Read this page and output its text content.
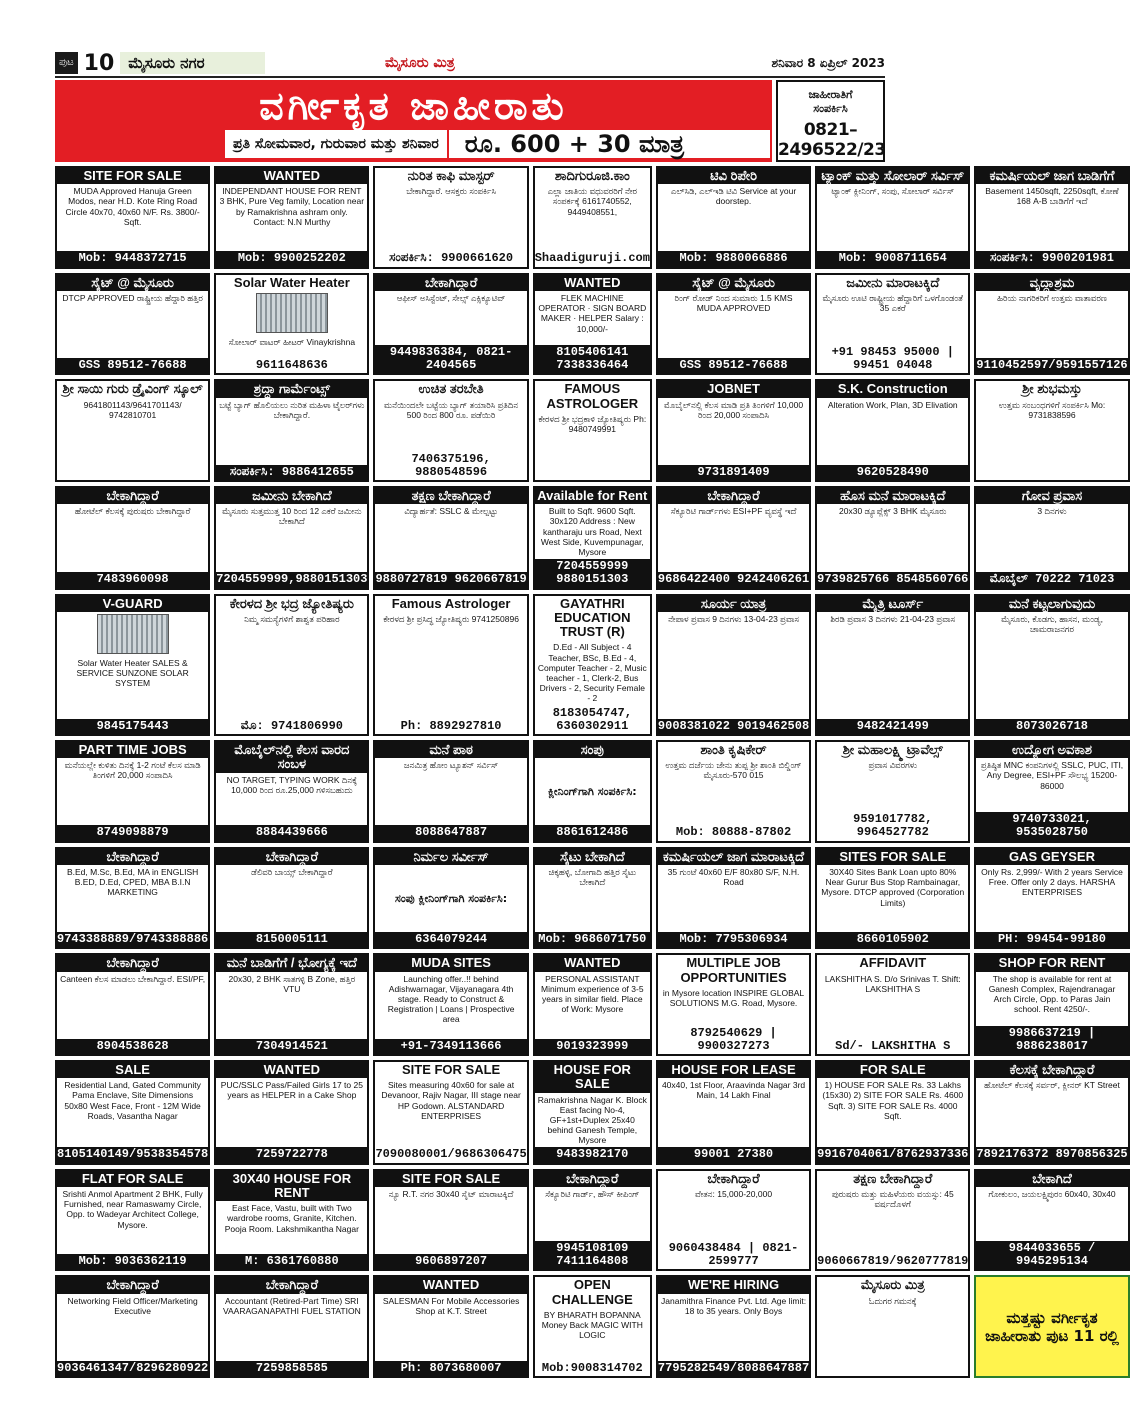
ಪುಟ 10 ಮೈಸೂರು ನಗರ	ಮೈಸೂರು ಮಿತ್ರ	ಶನಿವಾರ 8 ಏಪ್ರಿಲ್ 2023
ವರ್ಗೀಕೃತ ಜಾಹೀರಾತು
ಪ್ರತಿ ಸೋಮವಾರ, ಗುರುವಾರ ಮತ್ತು ಶನಿವಾರ	ರೂ. 600 + 30 ಮಾತ್ರ
ಜಾಹೀರಾತಿಗೆ
ಸಂಪರ್ಕಿಸಿ
0821–2496522/23
SITE FOR SALE
MUDA Approved Hanuja Green Modos, near H.D. Kote Ring Road Circle 40x70, 40x60 N/F. Rs. 3800/- Sqft.
Mob: 9448372715
WANTED
INDEPENDANT HOUSE FOR RENT 3 BHK, Pure Veg family, Location near by Ramakrishna ashram only. Contact: N.N Murthy
Mob: 9900252202
ನುರಿತ ಕಾಫಿ ಮಾಸ್ಟರ್
ಬೇಕಾಗಿದ್ದಾರೆ. ಆಸಕ್ತರು ಸಂಪರ್ಕಿಸಿ
ಸಂಪರ್ಕಿಸಿ: 9900661620
ಶಾದಿಗುರೂಜಿ.ಕಾಂ
ಎಲ್ಲಾ ಜಾತಿಯ ವಧುವರರಿಗೆ ನೇರ ಸಂಪರ್ಕಕ್ಕೆ 6161740552, 9449408551,
Shaadiguruji.com
ಟಿವಿ ರಿಪೇರಿ
ಎಲ್‌ಸಿಡಿ, ಎಲ್‌ಇಡಿ ಟಿವಿ Service at your doorstep.
Mob: 9880066886
ಟ್ಯಾಂಕ್ ಮತ್ತು ಸೋಲಾರ್ ಸರ್ವಿಸ್
ಟ್ಯಾಂಕ್ ಕ್ಲೀನಿಂಗ್, ಸಂಪು, ಸೋಲಾರ್ ಸರ್ವಿಸ್
Mob: 9008711654
ಕಮರ್ಷಿಯಲ್ ಜಾಗ ಬಾಡಿಗೆಗೆ
Basement 1450sqft, 2250sqft, ಕೋಣೆ 168 A-B ಬಾಡಿಗೆಗೆ ಇದೆ
ಸಂಪರ್ಕಿಸಿ: 9900201981
ಸೈಟ್ @ ಮೈಸೂರು
DTCP APPROVED ರಾಷ್ಟ್ರೀಯ ಹೆದ್ದಾರಿ ಹತ್ತಿರ
GSS 89512-76688
Solar Water Heater
ಸೋಲಾರ್ ವಾಟರ್ ಹೀಟರ್ Vinaykrishna
9611648636
ಬೇಕಾಗಿದ್ದಾರೆ
ಆಫೀಸ್ ಅಸಿಸ್ಟೆಂಟ್, ಸೇಲ್ಸ್ ಎಕ್ಸಿಕ್ಯೂಟಿವ್
9449836384, 0821-2404565
WANTED
FLEK MACHINE OPERATOR · SIGN BOARD MAKER · HELPER Salary : 10,000/-
8105406141 7338336464
ಸೈಟ್ @ ಮೈಸೂರು
ರಿಂಗ್ ರೋಡ್ ನಿಂದ ಸುಮಾರು 1.5 KMS MUDA APPROVED
GSS 89512-76688
ಜಮೀನು ಮಾರಾಟಕ್ಕಿದೆ
ಮೈಸೂರು ಊಟಿ ರಾಷ್ಟ್ರೀಯ ಹೆದ್ದಾರಿಗೆ ಒಳಗೊಂಡಂತೆ 35 ಎಕರೆ
+91 98453 95000 | 99451 04048
ವೃದ್ಧಾಶ್ರಮ
ಹಿರಿಯ ನಾಗರಿಕರಿಗೆ ಉತ್ತಮ ವಾತಾವರಣ
9110452597/9591557126
ಶ್ರೀ ಸಾಯಿ ಗುರು ಡ್ರೈವಿಂಗ್ ಸ್ಕೂಲ್
9641801143/9641701143/ 9742810701
ಶ್ರದ್ಧಾ ಗಾರ್ಮೆಂಟ್ಸ್
ಬಟ್ಟೆ ಬ್ಯಾಗ್ ಹೊಲಿಯಲು ನುರಿತ ಮಹಿಳಾ ಟೈಲರ್‌ಗಳು ಬೇಕಾಗಿದ್ದಾರೆ.
ಸಂಪರ್ಕಿಸಿ: 9886412655
ಉಚಿತ ತರಬೇತಿ
ಮನೆಯಿಂದಲೇ ಬಟ್ಟೆಯ ಬ್ಯಾಗ್ ತಯಾರಿಸಿ ಪ್ರತಿದಿನ 500 ರಿಂದ 800 ರೂ. ಪಡೆಯಿರಿ
7406375196, 9880548596
FAMOUS ASTROLOGER
ಕೇರಳದ ಶ್ರೀ ಭದ್ರಕಾಳಿ ಜ್ಯೋತಿಷ್ಯರು Ph: 9480749991
JOBNET
ಮೊಬೈಲ್‌ನಲ್ಲಿ ಕೆಲಸ ಮಾಡಿ ಪ್ರತಿ ತಿಂಗಳಿಗೆ 10,000 ರಿಂದ 20,000 ಸಂಪಾದಿಸಿ
9731891409
S.K. Construction
Alteration Work, Plan, 3D Elivation
9620528490
ಶ್ರೀ ಶುಭಮಸ್ತು
ಉತ್ತಮ ಸಂಬಂಧಗಳಿಗೆ ಸಂಪರ್ಕಿಸಿ Mo: 9731838596
ಬೇಕಾಗಿದ್ದಾರೆ
ಹೋಟೆಲ್ ಕೆಲಸಕ್ಕೆ ಪುರುಷರು ಬೇಕಾಗಿದ್ದಾರೆ
7483960098
ಜಮೀನು ಬೇಕಾಗಿದೆ
ಮೈಸೂರು ಸುತ್ತಮುತ್ತ 10 ರಿಂದ 12 ಎಕರೆ ಜಮೀನು ಬೇಕಾಗಿದೆ
7204559999,9880151303
ತಕ್ಷಣ ಬೇಕಾಗಿದ್ದಾರೆ
ವಿದ್ಯಾರ್ಹತೆ: SSLC & ಮೇಲ್ಪಟ್ಟು
9880727819 9620667819
Available for Rent
Built to Sqft. 9600 Sqft. 30x120 Address : New kantharaju urs Road, Next West Side, Kuvempunagar, Mysore
7204559999 9880151303
ಬೇಕಾಗಿದ್ದಾರೆ
ಸೆಕ್ಯೂರಿಟಿ ಗಾರ್ಡ್‌ಗಳು ESI+PF ವ್ಯವಸ್ಥೆ ಇದೆ
9686422400 9242406261
ಹೊಸ ಮನೆ ಮಾರಾಟಕ್ಕಿದೆ
20x30 ಡ್ಯೂಪ್ಲೆಕ್ಸ್ 3 BHK ಮೈಸೂರು
9739825766 8548560766
ಗೋವ ಪ್ರವಾಸ
3 ದಿನಗಳು
ಮೊಬೈಲ್ 70222 71023
V-GUARD
Solar Water Heater SALES & SERVICE SUNZONE SOLAR SYSTEM
9845175443
ಕೇರಳದ ಶ್ರೀ ಭದ್ರ ಜ್ಯೋತಿಷ್ಯರು
ನಿಮ್ಮ ಸಮಸ್ಯೆಗಳಿಗೆ ಶಾಶ್ವತ ಪರಿಹಾರ
ಮೊ: 9741806990
Famous Astrologer
ಕೇರಳದ ಶ್ರೀ ಪ್ರಸಿದ್ಧ ಜ್ಯೋತಿಷ್ಯರು 9741250896
Ph: 8892927810
GAYATHRI EDUCATION TRUST (R)
D.Ed - All Subject - 4 Teacher, BSc, B.Ed - 4, Computer Teacher - 2, Music teacher - 1, Clerk-2, Bus Drivers - 2, Security Female - 2
8183054747, 6360302911
ಸೂರ್ಯ ಯಾತ್ರ
ನೇಪಾಳ ಪ್ರವಾಸ 9 ದಿನಗಳು 13-04-23 ಪ್ರವಾಸ
9008381022 9019462508
ಮೈತ್ರಿ ಟೂರ್ಸ್
ಶಿರಡಿ ಪ್ರವಾಸ 3 ದಿನಗಳು 21-04-23 ಪ್ರವಾಸ
9482421499
ಮನೆ ಕಟ್ಟಲಾಗುವುದು
ಮೈಸೂರು, ಕೊಡಗು, ಹಾಸನ, ಮಂಡ್ಯ, ಚಾಮರಾಜನಗರ
8073026718
PART TIME JOBS
ಮನೆಯಲ್ಲೇ ಕುಳಿತು ದಿನಕ್ಕೆ 1-2 ಗಂಟೆ ಕೆಲಸ ಮಾಡಿ ತಿಂಗಳಿಗೆ 20,000 ಸಂಪಾದಿಸಿ
8749098879
ಮೊಬೈಲ್‌ನಲ್ಲಿ ಕೆಲಸ ವಾರದ ಸಂಬಳ
NO TARGET, TYPING WORK ದಿನಕ್ಕೆ 10,000 ರಿಂದ ರೂ.25,000 ಗಳಿಸಬಹುದು
8884439666
ಮನೆ ಪಾಠ
ಜನಮಿತ್ರ ಹೋಂ ಟ್ಯೂಶನ್ ಸರ್ವಿಸ್
8088647887
ಸಂಪು
ಕ್ಲೀನಿಂಗ್‌ಗಾಗಿ ಸಂಪರ್ಕಿಸಿ:
8861612486
ಶಾಂತಿ ಕೃಷಿಕೇರ್
ಉತ್ತಮ ದರ್ಜೆಯ ಜೇನು ತುಪ್ಪ ಶ್ರೀ ಶಾಂತಿ ಬಿಲ್ಡಿಂಗ್ ಮೈಸೂರು-570 015
Mob: 80888-87802
ಶ್ರೀ ಮಹಾಲಕ್ಷ್ಮಿ ಟ್ರಾವೆಲ್ಸ್
ಪ್ರವಾಸ ವಿವರಗಳು
9591017782, 9964527782
ಉದ್ಯೋಗ ಅವಕಾಶ
ಪ್ರತಿಷ್ಠಿತ MNC ಕಂಪನಿಗಳಲ್ಲಿ SSLC, PUC, ITI, Any Degree, ESI+PF ಸೌಲಭ್ಯ 15200-86000
9740733021, 9535028750
ಬೇಕಾಗಿದ್ದಾರೆ
B.Ed, M.Sc, B.Ed, MA in ENGLISH B.ED, D.Ed, CPED, MBA B.I.N MARKETING
9743388889/9743388886
ಬೇಕಾಗಿದ್ದಾರೆ
ಡೆಲಿವರಿ ಬಾಯ್ಸ್ ಬೇಕಾಗಿದ್ದಾರೆ
8150005111
ನಿರ್ಮಲ ಸರ್ವೀಸ್
ಸಂಪು ಕ್ಲೀನಿಂಗ್‌ಗಾಗಿ ಸಂಪರ್ಕಿಸಿ:
6364079244
ಸೈಟು ಬೇಕಾಗಿದೆ
ಚಿಕ್ಕಹಳ್ಳಿ, ಬೋಗಾದಿ ಹತ್ತಿರ ಸೈಟು ಬೇಕಾಗಿದೆ
Mob: 9686071750
ಕಮರ್ಷಿಯಲ್ ಜಾಗ ಮಾರಾಟಕ್ಕಿದೆ
35 ಗುಂಟೆ 40x60 E/F 80x80 S/F, N.H. Road
Mob: 7795306934
SITES FOR SALE
30X40 Sites Bank Loan upto 80% Near Gurur Bus Stop Rambainagar, Mysore. DTCP approved (Corporation Limits)
8660105902
GAS GEYSER
Only Rs. 2,999/- With 2 years Service Free. Offer only 2 days. HARSHA ENTERPRISES
PH: 99454-99180
ಬೇಕಾಗಿದ್ದಾರೆ
Canteen ಕೆಲಸ ಮಾಡಲು ಬೇಕಾಗಿದ್ದಾರೆ. ESI/PF,
8904538628
ಮನೆ ಬಾಡಿಗೆಗೆ / ಭೋಗ್ಯಕ್ಕೆ ಇದೆ
20x30, 2 BHK ಸಾತಗಳ್ಳಿ B Zone, ಹತ್ತಿರ VTU
7304914521
MUDA SITES
Launching offer..!! behind Adishwarnagar, Vijayanagara 4th stage. Ready to Construct & Registration | Loans | Prospective area
+91-7349113666
WANTED
PERSONAL ASSISTANT Minimum experience of 3-5 years in similar field. Place of Work: Mysore
9019323999
MULTIPLE JOB OPPORTUNITIES
in Mysore location INSPIRE GLOBAL SOLUTIONS M.G. Road, Mysore.
8792540629 | 9900327273
AFFIDAVIT
LAKSHITHA S. D/o Srinivas T. Shift: LAKSHITHA S
Sd/- LAKSHITHA S
SHOP FOR RENT
The shop is available for rent at Ganesh Complex, Rajendranagar Arch Circle, Opp. to Paras Jain school. Rent 4250/-.
9986637219 | 9886238017
SALE
Residential Land, Gated Community Pama Enclave, Site Dimensions 50x80 West Face, Front - 12M Wide Roads, Vasantha Nagar
8105140149/9538354578
WANTED
PUC/SSLC Pass/Failed Girls 17 to 25 years as HELPER in a Cake Shop
7259722778
SITE FOR SALE
Sites measuring 40x60 for sale at Devanoor, Rajiv Nagar, III stage near HP Godown. ALSTANDARD ENTERPRISES
7090080001/9686306475
HOUSE FOR SALE
Ramakrishna Nagar K. Block East facing No-4, GF+1st+Duplex 25x40 behind Ganesh Temple, Mysore
9483982170
HOUSE FOR LEASE
40x40, 1st Floor, Araavinda Nagar 3rd Main, 14 Lakh Final
99001 27380
FOR SALE
1) HOUSE FOR SALE Rs. 33 Lakhs (15x30) 2) SITE FOR SALE Rs. 4600 Sqft. 3) SITE FOR SALE Rs. 4000 Sqft.
9916704061/8762937336
ಕೆಲಸಕ್ಕೆ ಬೇಕಾಗಿದ್ದಾರೆ
ಹೋಟೆಲ್ ಕೆಲಸಕ್ಕೆ ಸರ್ವರ್, ಕ್ಲೀನರ್ KT Street
7892176372 8970856325
FLAT FOR SALE
Srishti Anmol Apartment 2 BHK, Fully Furnished, near Ramaswamy Circle, Opp. to Wadeyar Architect College, Mysore.
Mob: 9036362119
30X40 HOUSE FOR RENT
East Face, Vastu, built with Two wardrobe rooms, Granite, Kitchen. Pooja Room. Lakshmikantha Nagar
M: 6361760880
SITE FOR SALE
ನ್ಯೂ R.T. ನಗರ 30x40 ಸೈಟ್ ಮಾರಾಟಕ್ಕಿದೆ
9606897207
ಬೇಕಾಗಿದ್ದಾರೆ
ಸೆಕ್ಯೂರಿಟಿ ಗಾರ್ಡ್, ಹೌಸ್ ಕೀಪಿಂಗ್
9945108109 7411164808
ಬೇಕಾಗಿದ್ದಾರೆ
ವೇತನ: 15,000-20,000
9060438484 | 0821-2599777
ತಕ್ಷಣ ಬೇಕಾಗಿದ್ದಾರೆ
ಪುರುಷರು ಮತ್ತು ಮಹಿಳೆಯರು ವಯಸ್ಸು: 45 ವರ್ಷದೊಳಗೆ
9060667819/9620777819
ಬೇಕಾಗಿದೆ
ಗೋಕುಲಂ, ಜಯಲಕ್ಷ್ಮಿಪುರಂ 60x40, 30x40
9844033655 / 9945295134
ಬೇಕಾಗಿದ್ದಾರೆ
Networking Field Officer/Marketing Executive
9036461347/8296280922
ಬೇಕಾಗಿದ್ದಾರೆ
Accountant (Retired-Part Time) SRI VAARAGANAPATHI FUEL STATION
7259858585
WANTED
SALESMAN For Mobile Accessories Shop at K.T. Street
Ph: 8073680007
OPEN CHALLENGE
BY BHARATH BOPANNA Money Back MAGIC WITH LOGIC
Mob:9008314702
WE'RE HIRING
Janamithra Finance Pvt. Ltd. Age limit: 18 to 35 years. Only Boys
7795282549/8088647887
ಮೈಸೂರು ಮಿತ್ರ
ಓದುಗರ ಗಮನಕ್ಕೆ
ಮತ್ತಷ್ಟು ವರ್ಗೀಕೃತ ಜಾಹೀರಾತು ಪುಟ 11 ರಲ್ಲಿ
